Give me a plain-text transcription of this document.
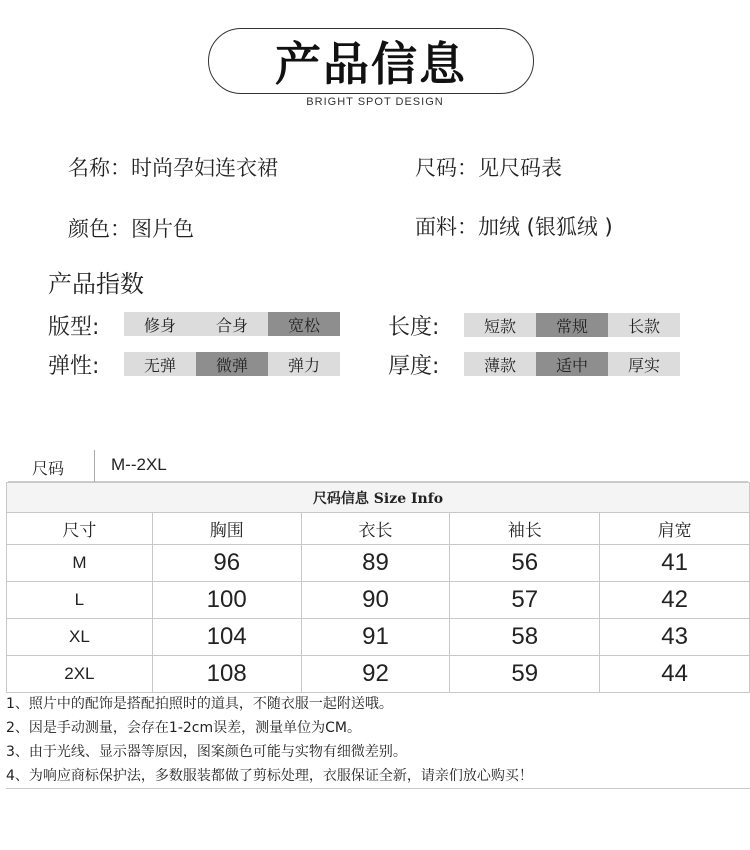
产品信息
BRIGHT SPOT DESIGN
名称：时尚孕妇连衣裙	尺码：见尺码表
颜色：图片色	面料：加绒 (银狐绒 )
产品指数
版型:	修身	合身	宽松	长度:	短款	常规	长款
弹性:	无弹	微弹	弹力	厚度:	薄款	适中	厚实
尺码	M--2XL
尺码信息 Size Info				
尺寸	胸围	衣长	袖长	肩宽
M	96	89	56	41
L	100	90	57	42
XL	104	91	58	43
2XL	108	92	59	44
1、照片中的配饰是搭配拍照时的道具，不随衣服一起附送哦。
2、因是手动测量，会存在1-2cm误差，测量单位为CM。
3、由于光线、显示器等原因，图案颜色可能与实物有细微差别。
4、为响应商标保护法，多数服装都做了剪标处理，衣服保证全新，请亲们放心购买！
